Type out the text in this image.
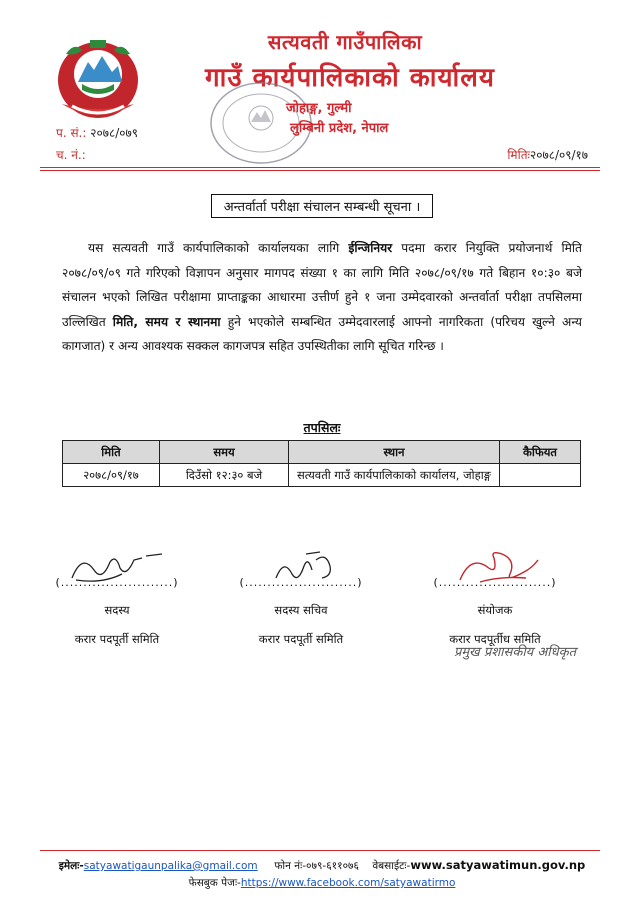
सत्यवती गाउँपालिका
गाउँ कार्यपालिकाको कार्यालय
जोहाङ्ग, गुल्मी
लुम्बिनी प्रदेश, नेपाल
प. सं.: २०७८/०७९
च. नं.:	मितिः२०७८/०९/१७
अन्तर्वार्ता परीक्षा संचालन सम्बन्धी सूचना ।

यस सत्यवती गाउँ कार्यपालिकाको कार्यालयका लागि ईन्जिनियर पदमा करार नियुक्ति प्रयोजनार्थ मिति २०७८/०९/०९ गते गरिएको विज्ञापन अनुसार मागपद संख्या १ का लागि मिति २०७८/०९/१७ गते बिहान १०:३० बजे संचालन भएको लिखित परीक्षामा प्राप्ताङ्कका आधारमा उत्तीर्ण हुने १ जना उम्मेदवारको अन्तर्वार्ता परीक्षा तपसिलमा उल्लिखित मिति, समय र स्थानमा हुने भएकोले सम्बन्धित उम्मेदवारलाई आफ्नो नागरिकता (परिचय खुल्ने अन्य कागजात) र अन्य आवश्यक सक्कल कागजपत्र सहित उपस्थितीका लागि सूचित गरिन्छ ।

तपसिलः
मिति	समय	स्थान	कैफियत
२०७८/०९/१७	दिउँसो १२:३० बजे	सत्यवती गाउँ कार्यपालिकाको कार्यालय, जोहाङ्ग	
(.........................)
सदस्य
करार पदपूर्ती समिति
(.........................)
सदस्य सचिव
करार पदपूर्ती समिति
(.........................)
संयोजक
करार पदपूर्तीध समिति
प्रमुख प्रशासकीय अधिकृत
इमेलः-satyawatigaunpalika@gmail.com फोन नंः-०७९-६११०७६ वेबसाईटः-www.satyawatimun.gov.np
फेसबुक पेजः-https://www.facebook.com/satyawatirmo
